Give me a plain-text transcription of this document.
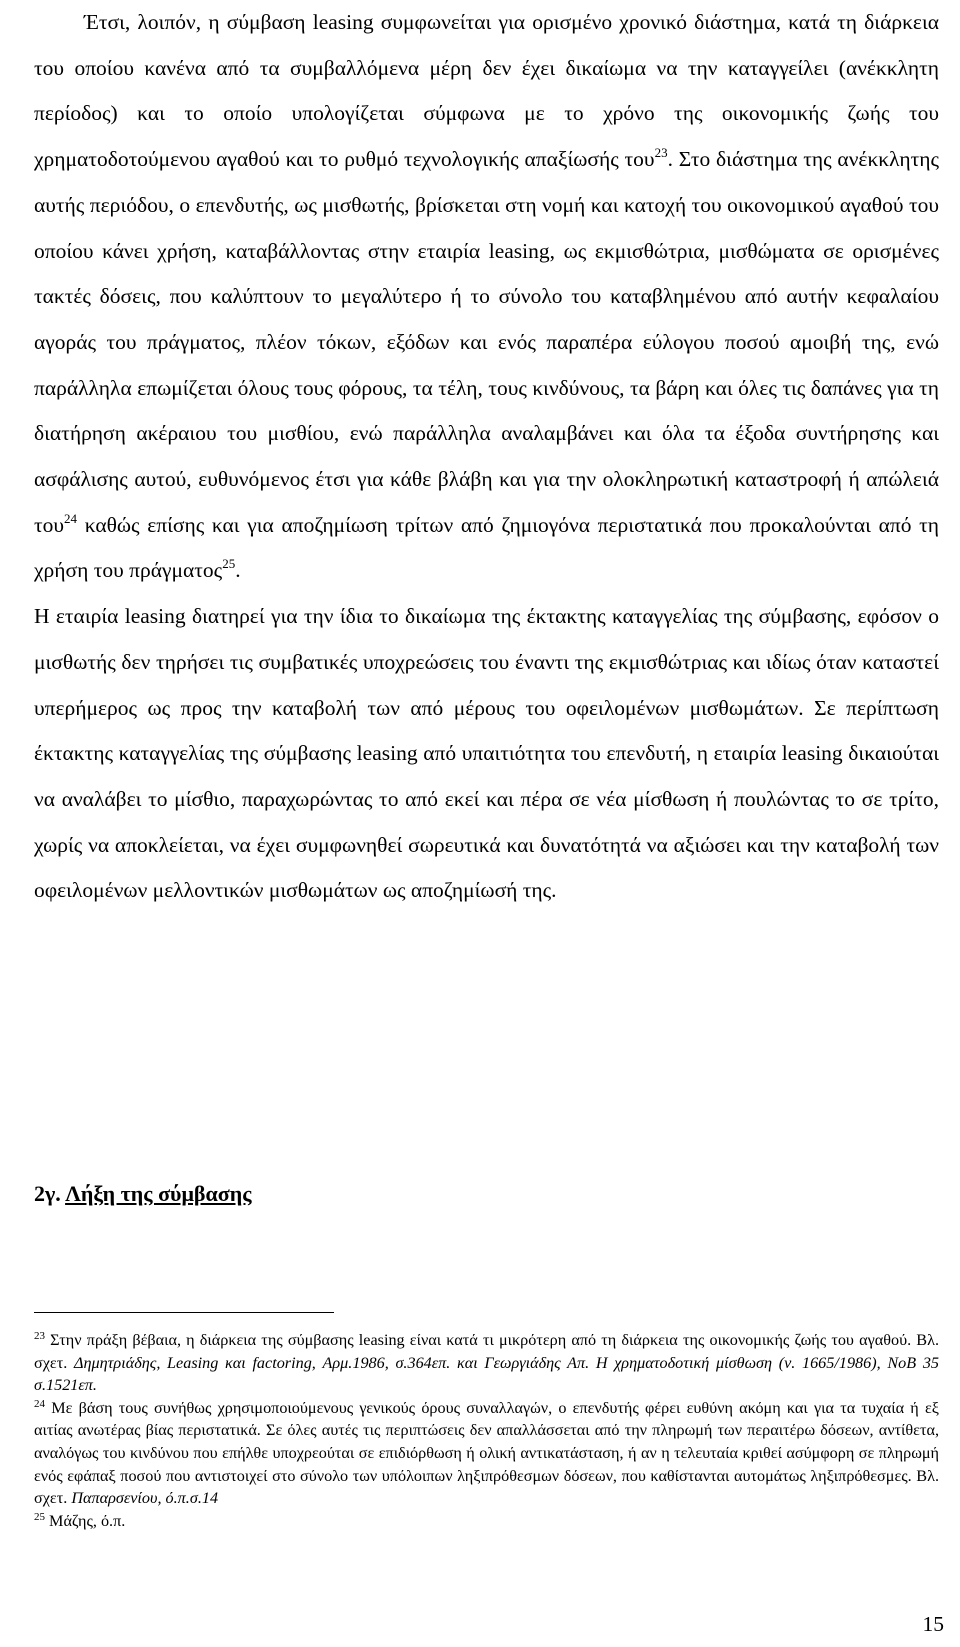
Έτσι, λοιπόν, η σύμβαση leasing συμφωνείται για ορισμένο χρονικό διάστημα, κατά τη διάρκεια του οποίου κανένα από τα συμβαλλόμενα μέρη δεν έχει δικαίωμα να την καταγγείλει (ανέκκλητη περίοδος) και το οποίο υπολογίζεται σύμφωνα με το χρόνο της οικονομικής ζωής του χρηματοδοτούμενου αγαθού και το ρυθμό τεχνολογικής απαξίωσής του$^{23}$. Στο διάστημα της ανέκκλητης αυτής περιόδου, ο επενδυτής, ως μισθωτής, βρίσκεται στη νομή και κατοχή του οικονομικού αγαθού του οποίου κάνει χρήση, καταβάλλοντας στην εταιρία leasing, ως εκμισθώτρια, μισθώματα σε ορισμένες τακτές δόσεις, που καλύπτουν το μεγαλύτερο ή το σύνολο του καταβλημένου από αυτήν κεφαλαίου αγοράς του πράγματος, πλέον τόκων, εξόδων και ενός παραπέρα εύλογου ποσού αμοιβή της, ενώ παράλληλα επωμίζεται όλους τους φόρους, τα τέλη, τους κινδύνους, τα βάρη και όλες τις δαπάνες για τη διατήρηση ακέραιου του μισθίου, ενώ παράλληλα αναλαμβάνει και όλα τα έξοδα συντήρησης και ασφάλισης αυτού, ευθυνόμενος έτσι για κάθε βλάβη και για την ολοκληρωτική καταστροφή ή απώλειά του$^{24}$ καθώς επίσης και για αποζημίωση τρίτων από ζημιογόνα περιστατικά που προκαλούνται από τη χρήση του πράγματος$^{25}$.

Η εταιρία leasing διατηρεί για την ίδια το δικαίωμα της έκτακτης καταγγελίας της σύμβασης, εφόσον ο μισθωτής δεν τηρήσει τις συμβατικές υποχρεώσεις του έναντι της εκμισθώτριας και ιδίως όταν καταστεί υπερήμερος ως προς την καταβολή των από μέρους του οφειλομένων μισθωμάτων. Σε περίπτωση έκτακτης καταγγελίας της σύμβασης leasing από υπαιτιότητα του επενδυτή, η εταιρία leasing δικαιούται να αναλάβει το μίσθιο, παραχωρώντας το από εκεί και πέρα σε νέα μίσθωση ή πουλώντας το σε τρίτο, χωρίς να αποκλείεται, να έχει συμφωνηθεί σωρευτικά και δυνατότητά να αξιώσει και την καταβολή των οφειλομένων μελλοντικών μισθωμάτων ως αποζημίωσή της.

2γ. Λήξη της σύμβασης

$^{23}$ Στην πράξη βέβαια, η διάρκεια της σύμβασης leasing είναι κατά τι μικρότερη από τη διάρκεια της οικονομικής ζωής του αγαθού. Βλ. σχετ. Δημητριάδης, Leasing και factoring, Αρμ.1986, σ.364επ. και Γεωργιάδης Απ. Η χρηματοδοτική μίσθωση (ν. 1665/1986), ΝοΒ 35 σ.1521επ.

$^{24}$ Με βάση τους συνήθως χρησιμοποιούμενους γενικούς όρους συναλλαγών, ο επενδυτής φέρει ευθύνη ακόμη και για τα τυχαία ή εξ αιτίας ανωτέρας βίας περιστατικά. Σε όλες αυτές τις περιπτώσεις δεν απαλλάσσεται από την πληρωμή των περαιτέρω δόσεων, αντίθετα, αναλόγως του κινδύνου που επήλθε υποχρεούται σε επιδιόρθωση ή ολική αντικατάσταση, ή αν η τελευταία κριθεί ασύμφορη σε πληρωμή ενός εφάπαξ ποσού που αντιστοιχεί στο σύνολο των υπόλοιπων ληξιπρόθεσμων δόσεων, που καθίστανται αυτομάτως ληξιπρόθεσμες. Βλ. σχετ. Παπαρσενίου, ό.π.σ.14

$^{25}$ Μάζης, ό.π.

15
